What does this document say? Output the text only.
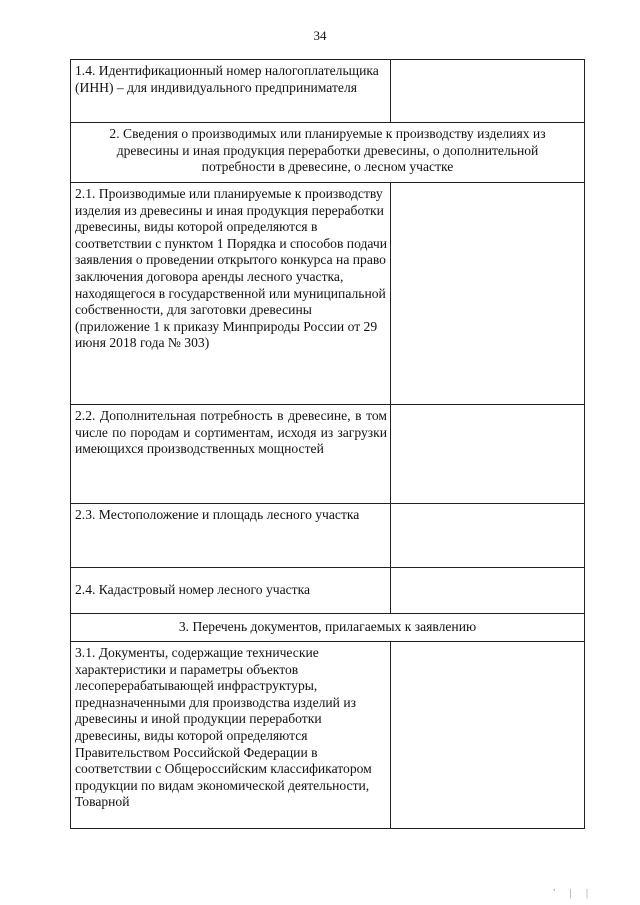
34
1.4. Идентификационный номер налогоплательщика (ИНН) – для индивидуального предпринимателя	
2. Сведения о производимых или планируемые к производству изделиях из древесины и иная продукция переработки древесины, о дополнительной потребности в древесине, о лесном участке	
2.1. Производимые или планируемые к производству изделия из древесины и иная продукция переработки древесины, виды которой определяются в соответствии с пунктом 1 Порядка и способов подачи заявления о проведении открытого конкурса на право заключения договора аренды лесного участка, находящегося в государственной или муниципальной собственности, для заготовки древесины (приложение 1 к приказу Минприроды России от 29 июня 2018 года № 303)	
2.2. Дополнительная потребность в древесине, в том числе по породам и сортиментам, исходя из загрузки имеющихся производственных мощностей	
2.3. Местоположение и площадь лесного участка	
2.4. Кадастровый номер лесного участка	
3. Перечень документов, прилагаемых к заявлению	
3.1. Документы, содержащие технические характеристики и параметры объектов лесоперерабатывающей инфраструктуры, предназначенными для производства изделий из древесины и иной продукции переработки древесины, виды которой определяются Правительством Российской Федерации в соответствии с Общероссийским классификатором продукции по видам экономической деятельности, Товарной	
' | |
